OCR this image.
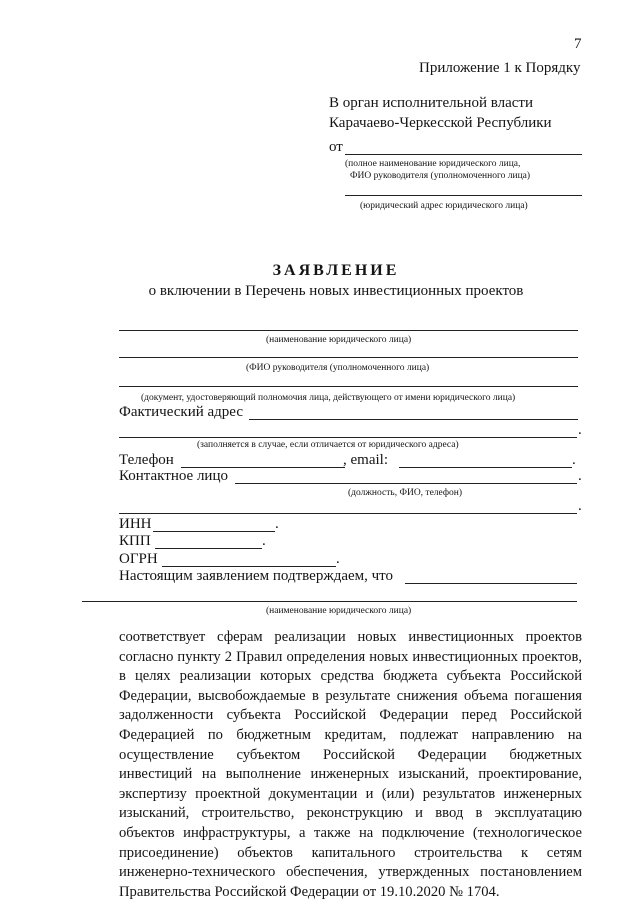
7
Приложение 1 к Порядку
В орган исполнительной власти
Карачаево-Черкесской Республики
от
(полное наименование юридического лица,
ФИО руководителя (уполномоченного лица)
(юридический адрес юридического лица)
ЗАЯВЛЕНИЕ
о включении в Перечень новых инвестиционных проектов
(наименование юридического лица)
(ФИО руководителя (уполномоченного лица)
(документ, удостоверяющий полномочия лица, действующего от имени юридического лица)
Фактический адрес
.
(заполняется в случае, если отличается от юридического адреса)
Телефон	, email:	.
Контактное лицо	.
(должность, ФИО, телефон)
.
ИНН	.
КПП	.
ОГРН	.
Настоящим заявлением подтверждаем, что
(наименование юридического лица)

соответствует сферам реализации новых инвестиционных проектов согласно пункту 2 Правил определения новых инвестиционных проектов, в целях реализации которых средства бюджета субъекта Российской Федерации, высвобождаемые в результате снижения объема погашения задолженности субъекта Российской Федерации перед Российской Федерацией по бюджетным кредитам, подлежат направлению на осуществление субъектом Российской Федерации бюджетных инвестиций на выполнение инженерных изысканий, проектирование, экспертизу проектной документации и (или) результатов инженерных изысканий, строительство, реконструкцию и ввод в эксплуатацию объектов инфраструктуры, а также на подключение (технологическое присоединение) объектов капитального строительства к сетям инженерно-технического обеспечения, утвержденных постановлением Правительства Российской Федерации от 19.10.2020 № 1704.
